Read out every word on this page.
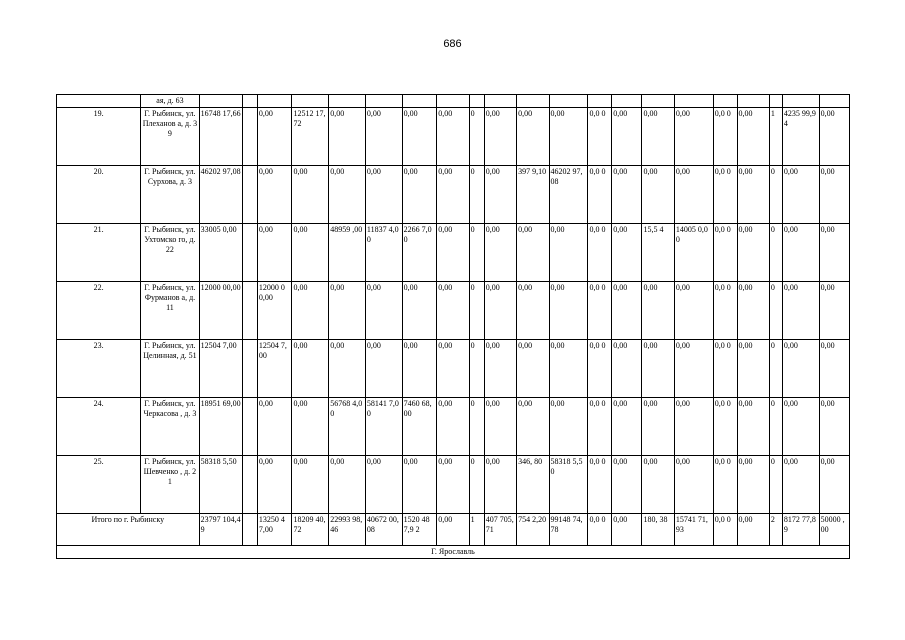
686
	ая, д. 63																					
19.	Г. Рыбинск, ул. Плеханов а, д. 39	16748 17,66		0,00	12512 17,72	0,00	0,00	0,00	0,00	0	0,00	0,00	0,00	0,0 0	0,00	0,00	0,00	0,0 0	0,00	1	4235 99,94	0,00
20.	Г. Рыбинск, ул. Сурхова, д. 3	46202 97,08		0,00	0,00	0,00	0,00	0,00	0,00	0	0,00	397 9,10	46202 97,08	0,0 0	0,00	0,00	0,00	0,0 0	0,00	0	0,00	0,00
21.	Г. Рыбинск, ул. Ухтомско го, д. 22	33005 0,00		0,00	0,00	48959 ,00	11837 4,00	2266 7,00	0,00	0	0,00	0,00	0,00	0,0 0	0,00	15,5 4	14005 0,00	0,0 0	0,00	0	0,00	0,00
22.	Г. Рыбинск, ул. Фурманов а, д. 11	12000 00,00		12000 00,00	0,00	0,00	0,00	0,00	0,00	0	0,00	0,00	0,00	0,0 0	0,00	0,00	0,00	0,0 0	0,00	0	0,00	0,00
23.	Г. Рыбинск, ул. Целинная, д. 51	12504 7,00		12504 7,00	0,00	0,00	0,00	0,00	0,00	0	0,00	0,00	0,00	0,0 0	0,00	0,00	0,00	0,0 0	0,00	0	0,00	0,00
24.	Г. Рыбинск, ул. Черкасова , д. 3	18951 69,00		0,00	0,00	56768 4,00	58141 7,00	7460 68,00	0,00	0	0,00	0,00	0,00	0,0 0	0,00	0,00	0,00	0,0 0	0,00	0	0,00	0,00
25.	Г. Рыбинск, ул. Шевченко , д. 21	58318 5,50		0,00	0,00	0,00	0,00	0,00	0,00	0	0,00	346, 80	58318 5,50	0,0 0	0,00	0,00	0,00	0,0 0	0,00	0	0,00	0,00
Итого по г. Рыбинску		23797 104,49		13250 47,00	18209 40,72	22993 98,46	40672 00,08	1520 487,9 2	0,00	1	407 705, 71	754 2,20	99148 74,78	0,0 0	0,00	180, 38	15741 71,93	0,0 0	0,00	2	8172 77,89	50000 ,00
Г. Ярославль																						
